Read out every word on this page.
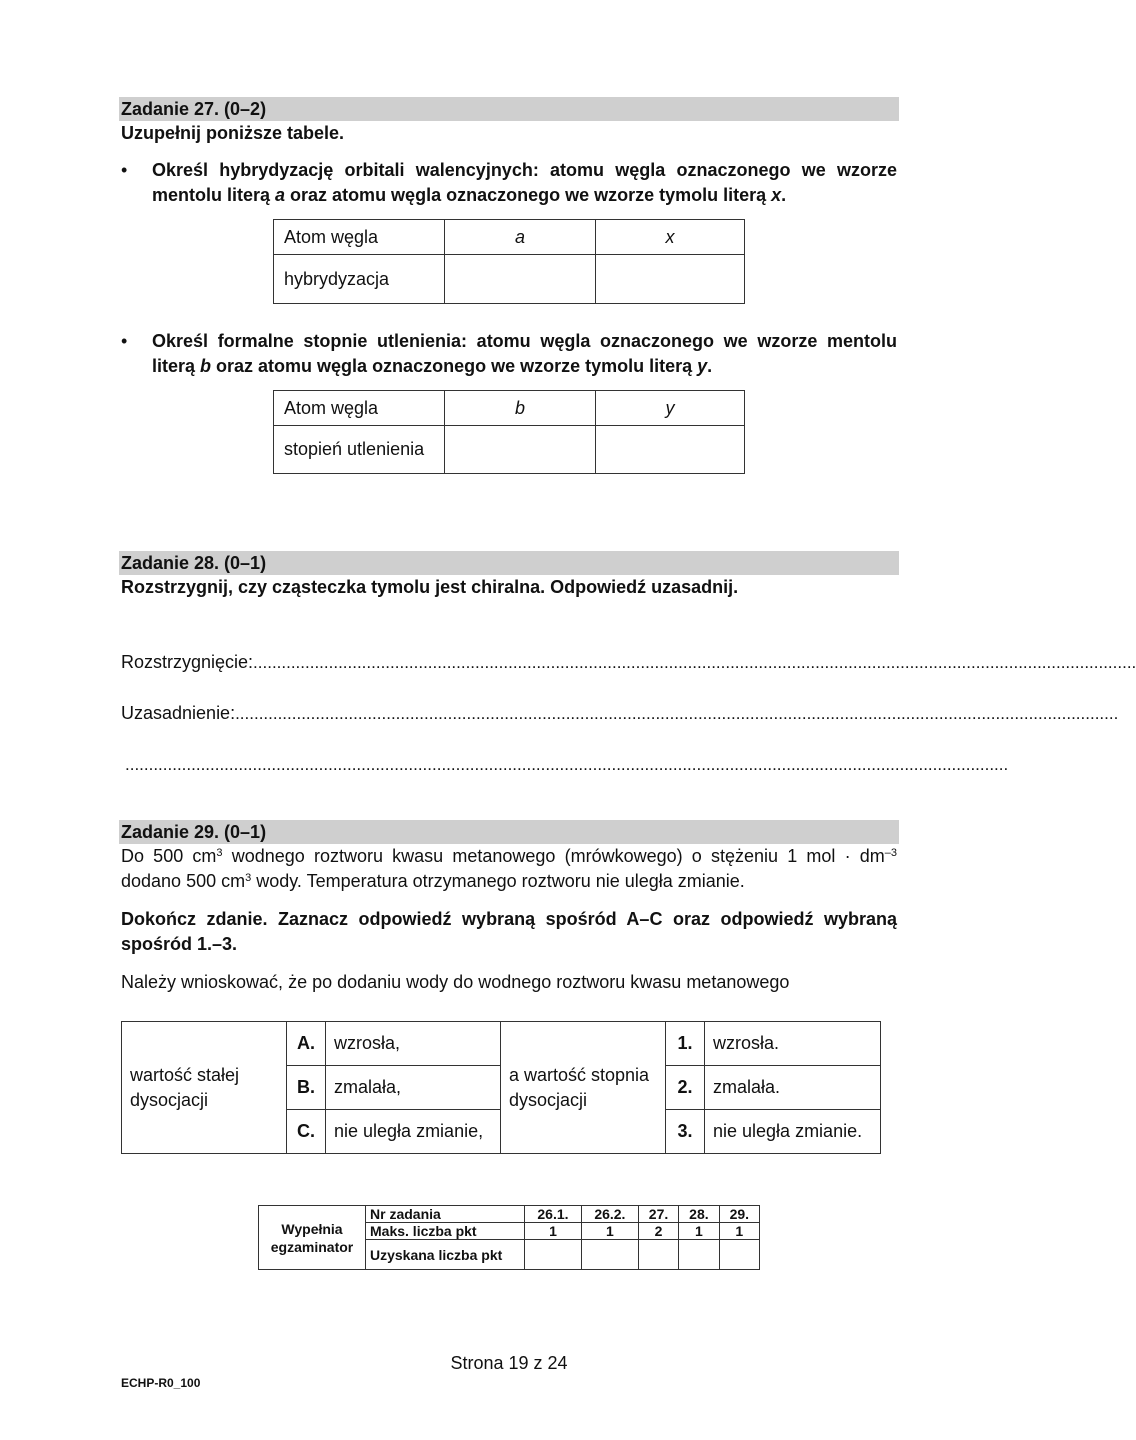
Zadanie 27. (0–2)
Uzupełnij poniższe tabele.
• Określ hybrydyzację orbitali walencyjnych: atomu węgla oznaczonego we wzorze mentolu literą a oraz atomu węgla oznaczonego we wzorze tymolu literą x.
Atom węgla	a	x
hybrydyzacja		
• Określ formalne stopnie utlenienia: atomu węgla oznaczonego we wzorze mentolu literą b oraz atomu węgla oznaczonego we wzorze tymolu literą y.
Atom węgla	b	y
stopień utlenienia		
Zadanie 28. (0–1)
Rozstrzygnij, czy cząsteczka tymolu jest chiralna. Odpowiedź uzasadnij.
Rozstrzygnięcie: ...........................................................................................................................................................................................
Uzasadnienie: ...........................................................................................................................................................................................
...........................................................................................................................................................................................
Zadanie 29. (0–1)
Do 500 $cm^3$ wodnego roztworu kwasu metanowego (mrówkowego) o stężeniu 1 mol · $dm^{-3}$ dodano 500 $cm^3$ wody. Temperatura otrzymanego roztworu nie uległa zmianie.
Dokończ zdanie. Zaznacz odpowiedź wybraną spośród A–C oraz odpowiedź wybraną spośród 1.–3.
Należy wnioskować, że po dodaniu wody do wodnego roztworu kwasu metanowego
wartość stałej dysocjacji	A.	wzrosła,	a wartość stopnia dysocjacji	1.	wzrosła.
	B.	zmalała,		2.	zmalała.
	C.	nie uległa zmianie,		3.	nie uległa zmianie.
Wypełnia egzaminator	Nr zadania	26.1.	26.2.	27.	28.	29.
	Maks. liczba pkt	1	1	2	1	1
	Uzyskana liczba pkt					
Strona 19 z 24
ECHP-R0_100
